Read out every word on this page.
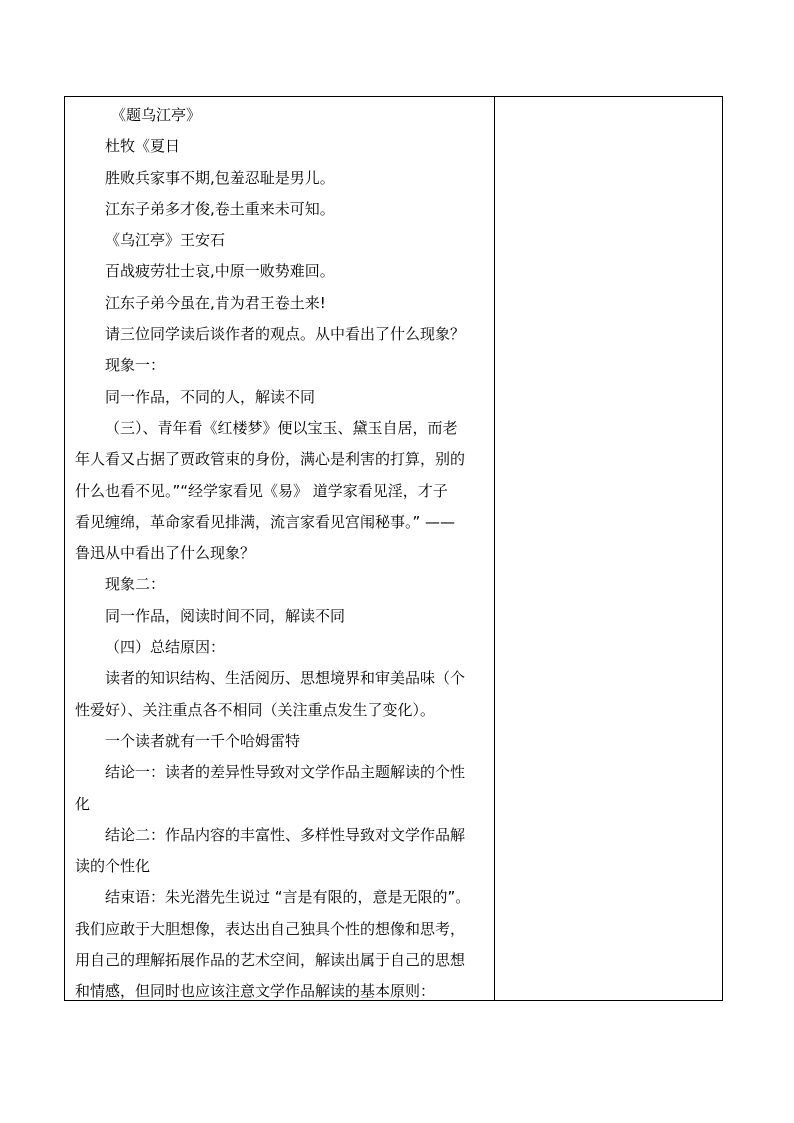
《题乌江亭》
杜牧《夏日
胜败兵家事不期,包羞忍耻是男儿。
江东子弟多才俊,卷土重来未可知。
《乌江亭》王安石
百战疲劳壮士哀,中原一败势难回。
江东子弟今虽在,肯为君王卷土来!
请三位同学读后谈作者的观点。从中看出了什么现象？
现象一：
同一作品，不同的人，解读不同
（三）、青年看《红楼梦》便以宝玉、黛玉自居，而老
年人看又占据了贾政管束的身份，满心是利害的打算，别的
什么也看不见。”“经学家看见《易》 道学家看见淫，才子
看见缠绵，革命家看见排满，流言家看见宫闱秘事。” ——
鲁迅从中看出了什么现象？
现象二：
同一作品，阅读时间不同，解读不同
（四）总结原因：
读者的知识结构、生活阅历、思想境界和审美品味（个
性爱好）、关注重点各不相同（关注重点发生了变化）。
一个读者就有一千个哈姆雷特
结论一：读者的差异性导致对文学作品主题解读的个性
化
结论二：作品内容的丰富性、多样性导致对文学作品解
读的个性化
结束语：朱光潜先生说过 “言是有限的，意是无限的”。
我们应敢于大胆想像，表达出自己独具个性的想像和思考，
用自己的理解拓展作品的艺术空间，解读出属于自己的思想
和情感，但同时也应该注意文学作品解读的基本原则：
